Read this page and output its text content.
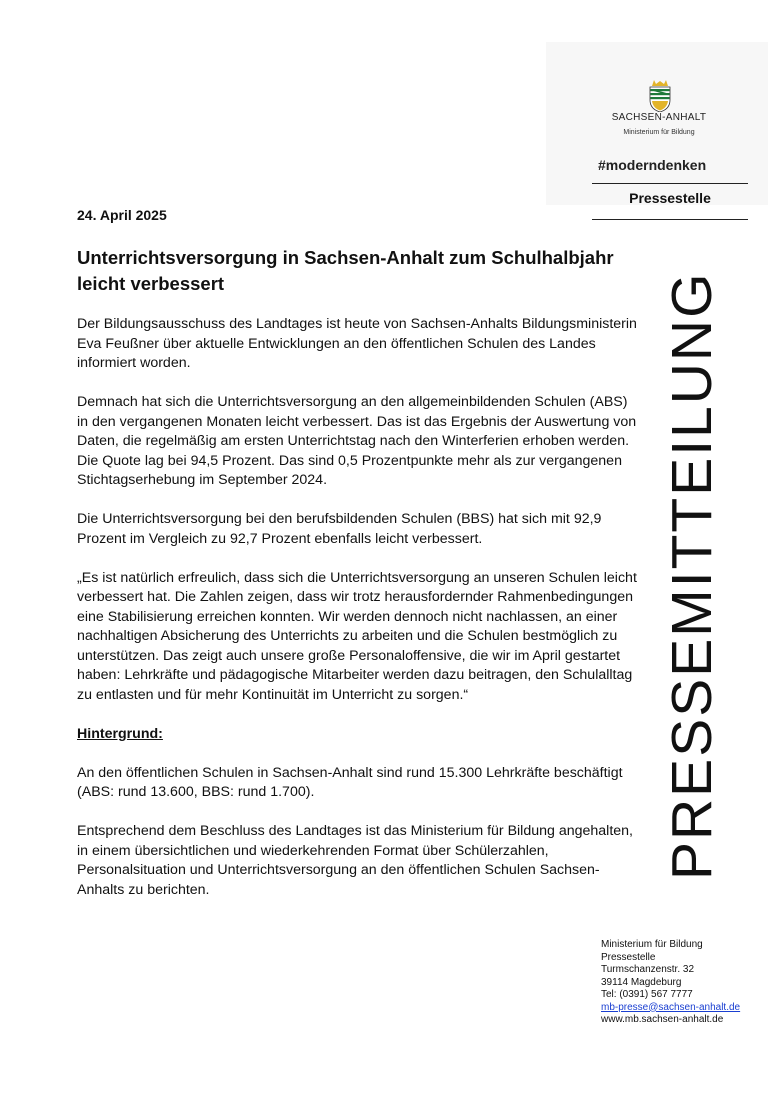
SACHSEN-ANHALT
Ministerium für Bildung
#moderndenken
Pressestelle
24. April 2025
Unterrichtsversorgung in Sachsen-Anhalt zum Schulhalbjahr leicht verbessert

Der Bildungsausschuss des Landtages ist heute von Sachsen-Anhalts Bildungsministerin Eva Feußner über aktuelle Entwicklungen an den öffentlichen Schulen des Landes informiert worden.

Demnach hat sich die Unterrichtsversorgung an den allgemeinbildenden Schulen (ABS) in den vergangenen Monaten leicht verbessert. Das ist das Ergebnis der Auswertung von Daten, die regelmäßig am ersten Unterrichtstag nach den Winterferien erhoben werden. Die Quote lag bei 94,5 Prozent. Das sind 0,5 Prozentpunkte mehr als zur vergangenen Stichtagserhebung im September 2024.

Die Unterrichtsversorgung bei den berufsbildenden Schulen (BBS) hat sich mit 92,9 Prozent im Vergleich zu 92,7 Prozent ebenfalls leicht verbessert.

„Es ist natürlich erfreulich, dass sich die Unterrichtsversorgung an unseren Schulen leicht verbessert hat. Die Zahlen zeigen, dass wir trotz herausfordernder Rahmenbedingungen eine Stabilisierung erreichen konnten. Wir werden dennoch nicht nachlassen, an einer nachhaltigen Absicherung des Unterrichts zu arbeiten und die Schulen bestmöglich zu unterstützen. Das zeigt auch unsere große Personaloffensive, die wir im April gestartet haben: Lehrkräfte und pädagogische Mitarbeiter werden dazu beitragen, den Schulalltag zu entlasten und für mehr Kontinuität im Unterricht zu sorgen.“

Hintergrund:

An den öffentlichen Schulen in Sachsen-Anhalt sind rund 15.300 Lehrkräfte beschäftigt (ABS: rund 13.600, BBS: rund 1.700).

Entsprechend dem Beschluss des Landtages ist das Ministerium für Bildung angehalten, in einem übersichtlichen und wiederkehrenden Format über Schülerzahlen, Personalsituation und Unterrichtsversorgung an den öffentlichen Schulen Sachsen-Anhalts zu berichten.

PRESSEMITTEILUNG
Ministerium für Bildung
Pressestelle
Turmschanzenstr. 32
39114 Magdeburg
Tel: (0391) 567 7777
mb-presse@sachsen-anhalt.de
www.mb.sachsen-anhalt.de
